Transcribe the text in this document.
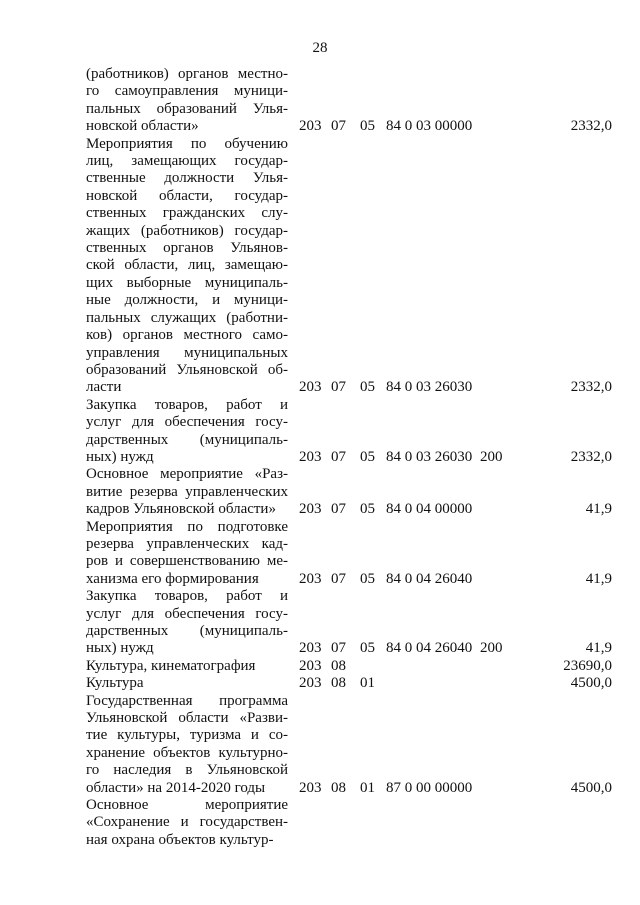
28
(работников) органов местно-
го самоуправления муници-
пальных образований Улья-
новской области»	203 07 05 84 0 03 00000	2332,0
Мероприятия по обучению
лиц, замещающих государ-
ственные должности Улья-
новской области, государ-
ственных гражданских слу-
жащих (работников) государ-
ственных органов Ульянов-
ской области, лиц, замещаю-
щих выборные муниципаль-
ные должности, и муници-
пальных служащих (работни-
ков) органов местного само-
управления муниципальных
образований Ульяновской об-
ласти	203 07 05 84 0 03 26030	2332,0
Закупка товаров, работ и
услуг для обеспечения госу-
дарственных (муниципаль-
ных) нужд	203 07 05 84 0 03 26030 200	2332,0
Основное мероприятие «Раз-
витие резерва управленческих
кадров Ульяновской области»	203 07 05 84 0 04 00000	41,9
Мероприятия по подготовке
резерва управленческих кад-
ров и совершенствованию ме-
ханизма его формирования	203 07 05 84 0 04 26040	41,9
Закупка товаров, работ и
услуг для обеспечения госу-
дарственных (муниципаль-
ных) нужд	203 07 05 84 0 04 26040 200	41,9
Культура, кинематография	203 08	23690,0
Культура	203 08 01	4500,0
Государственная программа
Ульяновской области «Разви-
тие культуры, туризма и со-
хранение объектов культурно-
го наследия в Ульяновской
области» на 2014-2020 годы	203 08 01 87 0 00 00000	4500,0
Основное мероприятие
«Сохранение и государствен-
ная охрана объектов культур-
